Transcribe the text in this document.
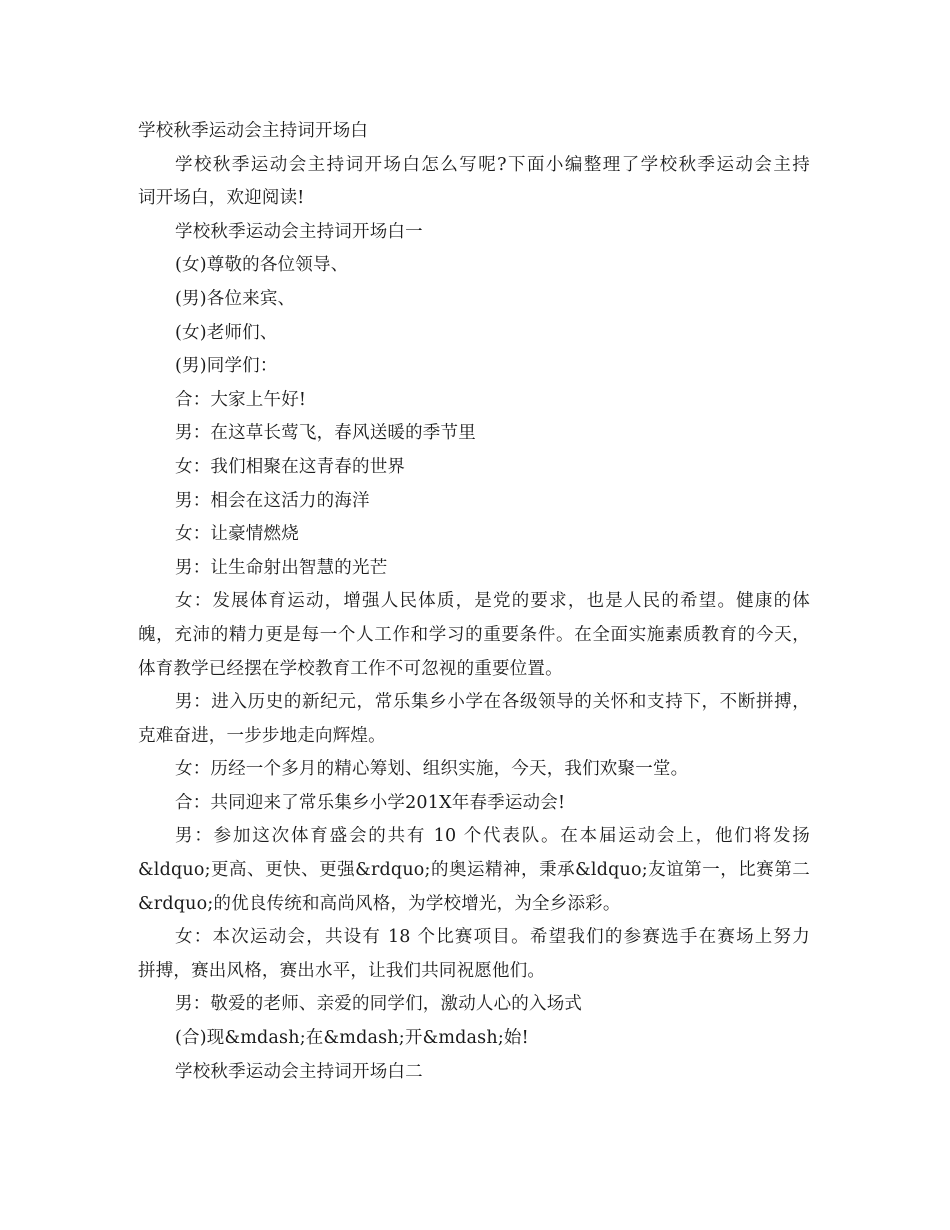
学校秋季运动会主持词开场白

学校秋季运动会主持词开场白怎么写呢?下面小编整理了学校秋季运动会主持

词开场白，欢迎阅读!

学校秋季运动会主持词开场白一

(女)尊敬的各位领导、

(男)各位来宾、

(女)老师们、

(男)同学们：

合：大家上午好!

男：在这草长莺飞，春风送暖的季节里

女：我们相聚在这青春的世界

男：相会在这活力的海洋

女：让豪情燃烧

男：让生命射出智慧的光芒

女：发展体育运动，增强人民体质，是党的要求，也是人民的希望。健康的体

魄，充沛的精力更是每一个人工作和学习的重要条件。在全面实施素质教育的今天，

体育教学已经摆在学校教育工作不可忽视的重要位置。

男：进入历史的新纪元，常乐集乡小学在各级领导的关怀和支持下，不断拼搏，

克难奋进，一步步地走向辉煌。

女：历经一个多月的精心筹划、组织实施，今天，我们欢聚一堂。

合：共同迎来了常乐集乡小学201X年春季运动会!

男：参加这次体育盛会的共有 10 个代表队。在本届运动会上，他们将发扬

&ldquo;更高、更快、更强&rdquo;的奥运精神，秉承&ldquo;友谊第一，比赛第二

&rdquo;的优良传统和高尚风格，为学校增光，为全乡添彩。

女：本次运动会，共设有 18 个比赛项目。希望我们的参赛选手在赛场上努力

拼搏，赛出风格，赛出水平，让我们共同祝愿他们。

男：敬爱的老师、亲爱的同学们，激动人心的入场式

(合)现&mdash;在&mdash;开&mdash;始!

学校秋季运动会主持词开场白二
